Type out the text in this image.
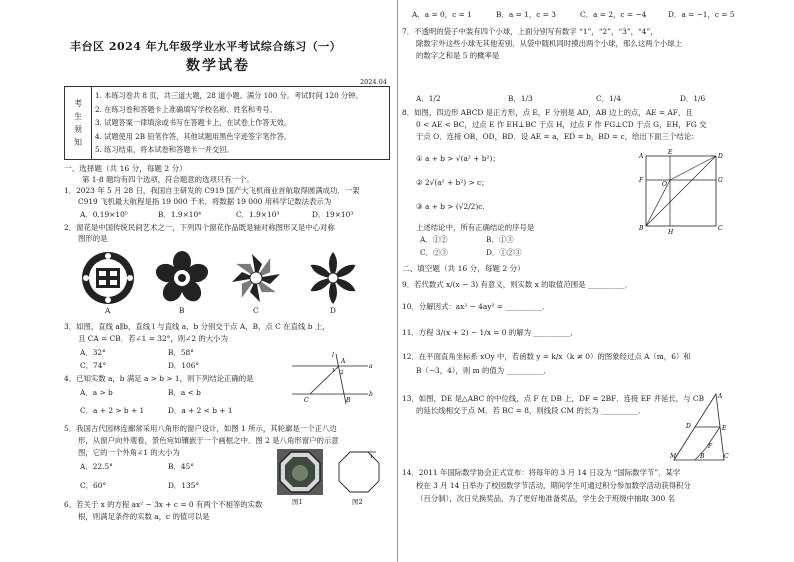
丰台区 2024 年九年级学业水平考试综合练习（一）
数学试卷
2024.04
考
生
须
知
1. 本练习卷共 8 页，共三道大题，28 道小题。满分 100 分。考试时间 120 分钟。
2. 在练习卷和答题卡上准确填写学校名称、姓名和考号。
3. 试题答案一律填涂或书写在答题卡上，在试卷上作答无效。
4. 试题使用 2B 铅笔作答，其他试题用黑色字迹签字笔作答。
5. 练习结束，将本试卷和答题卡一并交回。
一、选择题（共 16 分，每题 2 分）
第 1-8 题均有四个选项，符合题意的选项只有一个。
1．2023 年 5 月 28 日，我国自主研发的 C919 国产大飞机商业首航取得圆满成功．一架
C919 飞机最大航程是指 19 000 千米．将数据 19 000 用科学记数法表示为
A．0.19×10⁵	B．1.9×10⁴	C．1.9×10³	D．19×10³
2．窗花是中国传统民间艺术之一，下列四个窗花作品既是轴对称图形又是中心对称
图形的是
A	B	C	D
3．如图，直线 a∥b，直线 l 与直线 a，b 分别交于点 A，B，点 C 在直线 b 上，
且 CA = CB．若∠1 = 32°，则∠2 的大小为
A．32°	B．58°
C．74°	D．106°	a
b
l
A
B
C
1 2
4．已知实数 a，b 满足 a > b > 1，则下列结论正确的是
A．a > b	B．a < b
C．a + 2 > b + 1	D．a + 2 < b + 1
5．我国古代园林连廊常采用八角形的窗户设计，如图 1 所示，其轮廓是一个正八边
形，从窗户向外观看，景色宛如镶嵌于一个画框之中．图 2 是八角形窗户的示意
图，它的一个外角∠1 的大小为
A．22.5°	B．45°
C．60°	D．135°
1
图1	图2
6．若关于 x 的方程 ax² − 3x + c = 0 有两个不相等的实数
根，则满足条件的实数 a，c 的值可以是
A．a = 0，c = 1	B．a = 1，c = 3	C．a = 2，c = −4	D．a = −1，c = 5
7．不透明的袋子中装有四个小球，上面分别写有数字 “1”，“2”，“3”，“4”，
除数字外这些小球无其他差别．从袋中随机同时摸出两个小球，那么这两个小球上
的数字之和是 5 的概率是
A．1/2	B．1/3	C．1/4	D．1/6
8．如图，四边形 ABCD 是正方形，点 E，F 分别是 AD，AB 边上的点，AE = AF，且
0 < AE < BC，过点 E 作 EH⊥BC 于点 H，过点 F 作 FG⊥CD 于点 G，EH，FG 交
于点 O．连接 OB，OD，BD．设 AE = a，ED = b，BD = c，给出下面三个结论：
① a + b > √(a² + b²)；
② 2√(a² + b²) > c；
③ a + b > (√2/2)c．
上述结论中，所有正确结论的序号是
A．①②	B．①③
C．②③	D．①②③
A
E
D
F
O
G
B
H
C
二、填空题（共 16 分，每题 2 分）
9．若代数式 x/(x − 3) 有意义，则实数 x 的取值范围是 __________．
10．分解因式：ax² − 4ay² = __________．
11．方程 3/(x + 2) − 1/x = 0 的解为 __________．
12．在平面直角坐标系 xOy 中，若函数 y = k/x（k ≠ 0）的图象经过点 A（m，6）和
B（−3，4），则 m 的值为 __________．
13．如图，DE 是△ABC 的中位线，点 F 在 DB 上，DF = 2BF．连接 EF 并延长，与 CB
的延长线相交于点 M．若 BC = 8，则线段 CM 的长为 __________．
A
D	E
F
B	C
M
14．2011 年国际数学协会正式宣布：将每年的 3 月 14 日设为 “国际数学节”．某学
校在 3 月 14 日举办了校园数学节活动，期间学生可通过积分参加数学活动获得积分
（百分制），次日兑换奖品，为了更好地准备奖品，学生会于班级中抽取 300 名
